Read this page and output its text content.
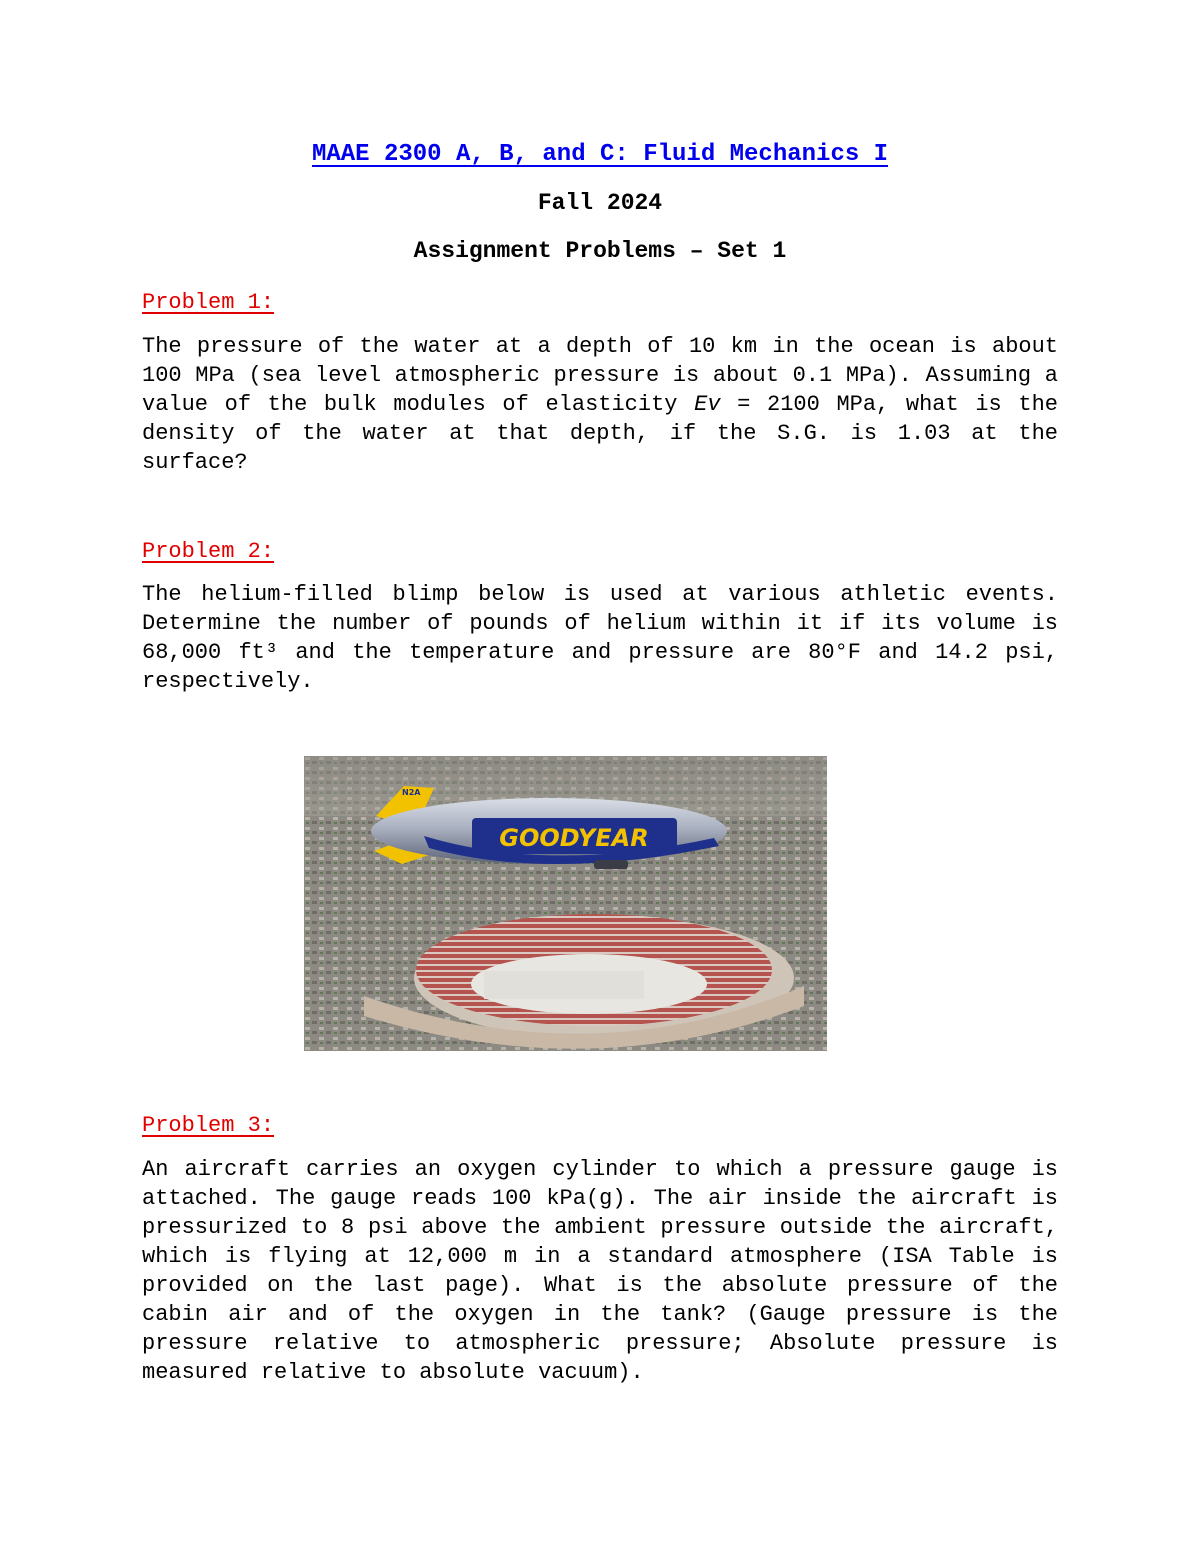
MAAE 2300 A, B, and C: Fluid Mechanics I
Fall 2024
Assignment Problems – Set 1
Problem 1:

The pressure of the water at a depth of 10 km in the ocean is about 100 MPa (sea level atmospheric pressure is about 0.1 MPa). Assuming a value of the bulk modules of elasticity Ev = 2100 MPa, what is the density of the water at that depth, if the S.G. is 1.03 at the surface?

Problem 2:

The helium-filled blimp below is used at various athletic events. Determine the number of pounds of helium within it if its volume is 68,000 ft³ and the temperature and pressure are 80°F and 14.2 psi, respectively.

GOODYEAR
N2A
Problem 3:

An aircraft carries an oxygen cylinder to which a pressure gauge is attached. The gauge reads 100 kPa(g). The air inside the aircraft is pressurized to 8 psi above the ambient pressure outside the aircraft, which is flying at 12,000 m in a standard atmosphere (ISA Table is provided on the last page). What is the absolute pressure of the cabin air and of the oxygen in the tank? (Gauge pressure is the pressure relative to atmospheric pressure; Absolute pressure is measured relative to absolute vacuum).
